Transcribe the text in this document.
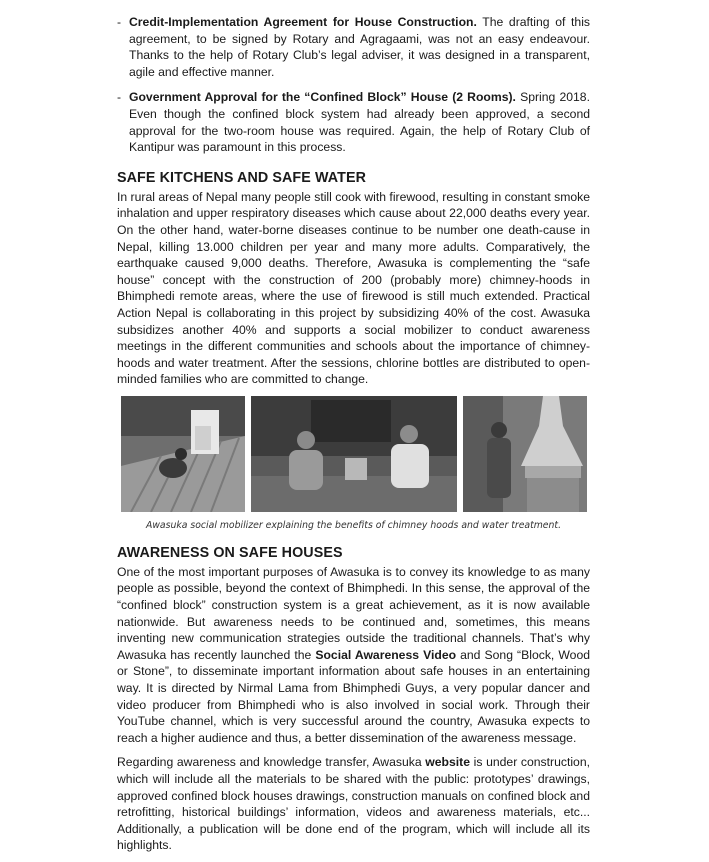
- Credit-Implementation Agreement for House Construction. The drafting of this agreement, to be signed by Rotary and Agragaami, was not an easy endeavour. Thanks to the help of Rotary Club’s legal adviser, it was designed in a transparent, agile and effective manner.
- Government Approval for the “Confined Block” House (2 Rooms). Spring 2018. Even though the confined block system had already been approved, a second approval for the two-room house was required. Again, the help of Rotary Club of Kantipur was paramount in this process.
SAFE KITCHENS AND SAFE WATER

In rural areas of Nepal many people still cook with firewood, resulting in constant smoke inhalation and upper respiratory diseases which cause about 22,000 deaths every year. On the other hand, water-borne diseases continue to be number one death-cause in Nepal, killing 13.000 children per year and many more adults. Comparatively, the earthquake caused 9,000 deaths. Therefore, Awasuka is complementing the “safe house” concept with the construction of 200 (probably more) chimney-hoods in Bhimphedi remote areas, where the use of firewood is still much extended. Practical Action Nepal is collaborating in this project by subsidizing 40% of the cost. Awasuka subsidizes another 40% and supports a social mobilizer to conduct awareness meetings in the different communities and schools about the importance of chimney-hoods and water treatment. After the sessions, chlorine bottles are distributed to open-minded families who are committed to change.

Awasuka social mobilizer explaining the benefits of chimney hoods and water treatment.
AWARENESS ON SAFE HOUSES

One of the most important purposes of Awasuka is to convey its knowledge to as many people as possible, beyond the context of Bhimphedi. In this sense, the approval of the “confined block” construction system is a great achievement, as it is now available nationwide. But awareness needs to be continued and, sometimes, this means inventing new communication strategies outside the traditional channels. That’s why Awasuka has recently launched the Social Awareness Video and Song “Block, Wood or Stone”, to disseminate important information about safe houses in an entertaining way. It is directed by Nirmal Lama from Bhimphedi Guys, a very popular dancer and video producer from Bhimphedi who is also involved in social work. Through their YouTube channel, which is very successful around the country, Awasuka expects to reach a higher audience and thus, a better dissemination of the awareness message.

Regarding awareness and knowledge transfer, Awasuka website is under construction, which will include all the materials to be shared with the public: prototypes’ drawings, approved confined block houses drawings, construction manuals on confined block and retrofitting, historical buildings’ information, videos and awareness materials, etc... Additionally, a publication will be done end of the program, which will include all its highlights.
